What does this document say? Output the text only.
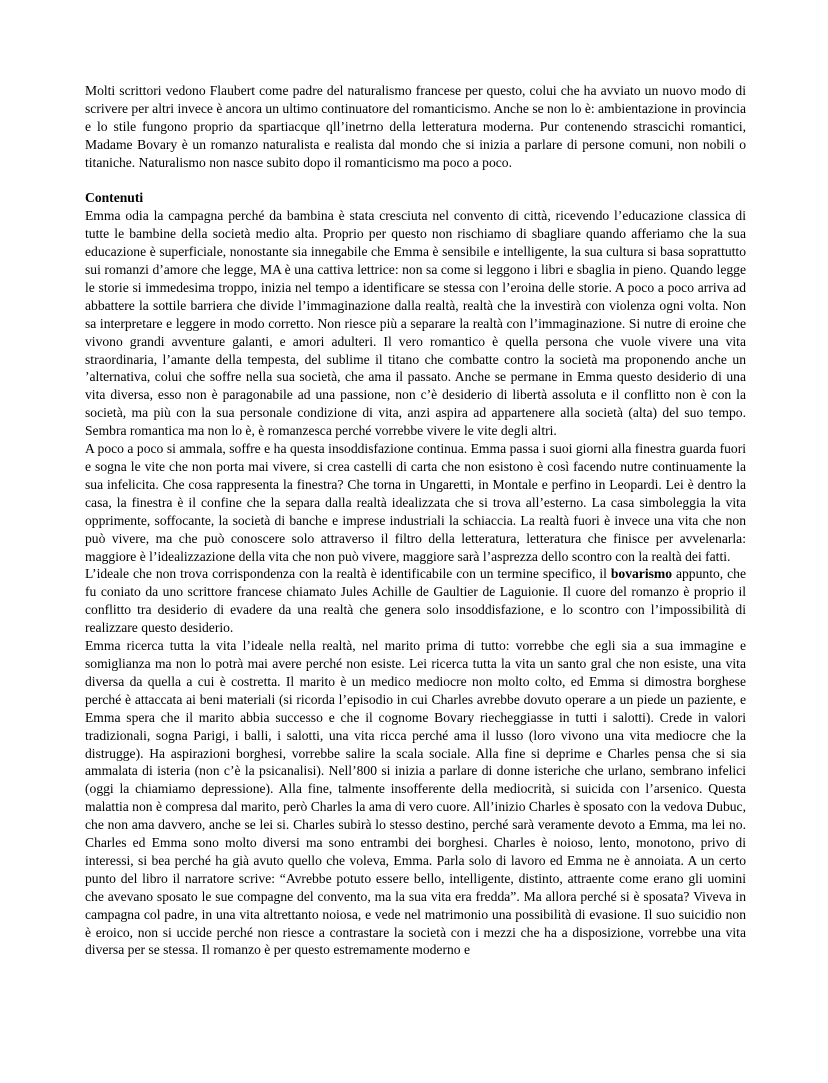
Molti scrittori vedono Flaubert come padre del naturalismo francese per questo, colui che ha avviato un nuovo modo di scrivere per altri invece è ancora un ultimo continuatore del romanticismo. Anche se non lo è: ambientazione in provincia e lo stile fungono proprio da spartiacque qll’inetrno della letteratura moderna. Pur contenendo strascichi romantici, Madame Bovary è un romanzo naturalista e realista dal mondo che si inizia a parlare di persone comuni, non nobili o titaniche. Naturalismo non nasce subito dopo il romanticismo ma poco a poco.

Contenuti

Emma odia la campagna perché da bambina è stata cresciuta nel convento di città, ricevendo l’educazione classica di tutte le bambine della società medio alta. Proprio per questo non rischiamo di sbagliare quando afferiamo che la sua educazione è superficiale, nonostante sia innegabile che Emma è sensibile e intelligente, la sua cultura si basa soprattutto sui romanzi d’amore che legge, MA è una cattiva lettrice: non sa come si leggono i libri e sbaglia in pieno. Quando legge le storie si immedesima troppo, inizia nel tempo a identificare se stessa con l’eroina delle storie. A poco a poco arriva ad abbattere la sottile barriera che divide l’immaginazione dalla realtà, realtà che la investirà con violenza ogni volta. Non sa interpretare e leggere in modo corretto. Non riesce più a separare la realtà con l’immaginazione. Si nutre di eroine che vivono grandi avventure galanti, e amori adulteri. Il vero romantico è quella persona che vuole vivere una vita straordinaria, l’amante della tempesta, del sublime il titano che combatte contro la società ma proponendo anche un ’alternativa, colui che soffre nella sua società, che ama il passato. Anche se permane in Emma questo desiderio di una vita diversa, esso non è paragonabile ad una passione, non c’è desiderio di libertà assoluta e il conflitto non è con la società, ma più con la sua personale condizione di vita, anzi aspira ad appartenere alla società (alta) del suo tempo. Sembra romantica ma non lo è, è romanzesca perché vorrebbe vivere le vite degli altri.

A poco a poco si ammala, soffre e ha questa insoddisfazione continua. Emma passa i suoi giorni alla finestra guarda fuori e sogna le vite che non porta mai vivere, si crea castelli di carta che non esistono è così facendo nutre continuamente la sua infelicita. Che cosa rappresenta la finestra? Che torna in Ungaretti, in Montale e perfino in Leopardi. Lei è dentro la casa, la finestra è il confine che la separa dalla realtà idealizzata che si trova all’esterno. La casa simboleggia la vita opprimente, soffocante, la società di banche e imprese industriali la schiaccia. La realtà fuori è invece una vita che non può vivere, ma che può conoscere solo attraverso il filtro della letteratura, letteratura che finisce per avvelenarla: maggiore è l’idealizzazione della vita che non può vivere, maggiore sarà l’asprezza dello scontro con la realtà dei fatti.

L’ideale che non trova corrispondenza con la realtà è identificabile con un termine specifico, il bovarismo appunto, che fu coniato da uno scrittore francese chiamato Jules Achille de Gaultier de Laguionie. Il cuore del romanzo è proprio il conflitto tra desiderio di evadere da una realtà che genera solo insoddisfazione, e lo scontro con l’impossibilità di realizzare questo desiderio.

Emma ricerca tutta la vita l’ideale nella realtà, nel marito prima di tutto: vorrebbe che egli sia a sua immagine e somiglianza ma non lo potrà mai avere perché non esiste. Lei ricerca tutta la vita un santo gral che non esiste, una vita diversa da quella a cui è costretta. Il marito è un medico mediocre non molto colto, ed Emma si dimostra borghese perché è attaccata ai beni materiali (si ricorda l’episodio in cui Charles avrebbe dovuto operare a un piede un paziente, e Emma spera che il marito abbia successo e che il cognome Bovary riecheggiasse in tutti i salotti). Crede in valori tradizionali, sogna Parigi, i balli, i salotti, una vita ricca perché ama il lusso (loro vivono una vita mediocre che la distrugge). Ha aspirazioni borghesi, vorrebbe salire la scala sociale. Alla fine si deprime e Charles pensa che si sia ammalata di isteria (non c’è la psicanalisi). Nell’800 si inizia a parlare di donne isteriche che urlano, sembrano infelici (oggi la chiamiamo depressione). Alla fine, talmente insofferente della mediocrità, si suicida con l’arsenico. Questa malattia non è compresa dal marito, però Charles la ama di vero cuore. All’inizio Charles è sposato con la vedova Dubuc, che non ama davvero, anche se lei si. Charles subirà lo stesso destino, perché sarà veramente devoto a Emma, ma lei no. Charles ed Emma sono molto diversi ma sono entrambi dei borghesi. Charles è noioso, lento, monotono, privo di interessi, si bea perché ha già avuto quello che voleva, Emma. Parla solo di lavoro ed Emma ne è annoiata. A un certo punto del libro il narratore scrive: “Avrebbe potuto essere bello, intelligente, distinto, attraente come erano gli uomini che avevano sposato le sue compagne del convento, ma la sua vita era fredda”. Ma allora perché si è sposata? Viveva in campagna col padre, in una vita altrettanto noiosa, e vede nel matrimonio una possibilità di evasione. Il suo suicidio non è eroico, non si uccide perché non riesce a contrastare la società con i mezzi che ha a disposizione, vorrebbe una vita diversa per se stessa. Il romanzo è per questo estremamente moderno e
